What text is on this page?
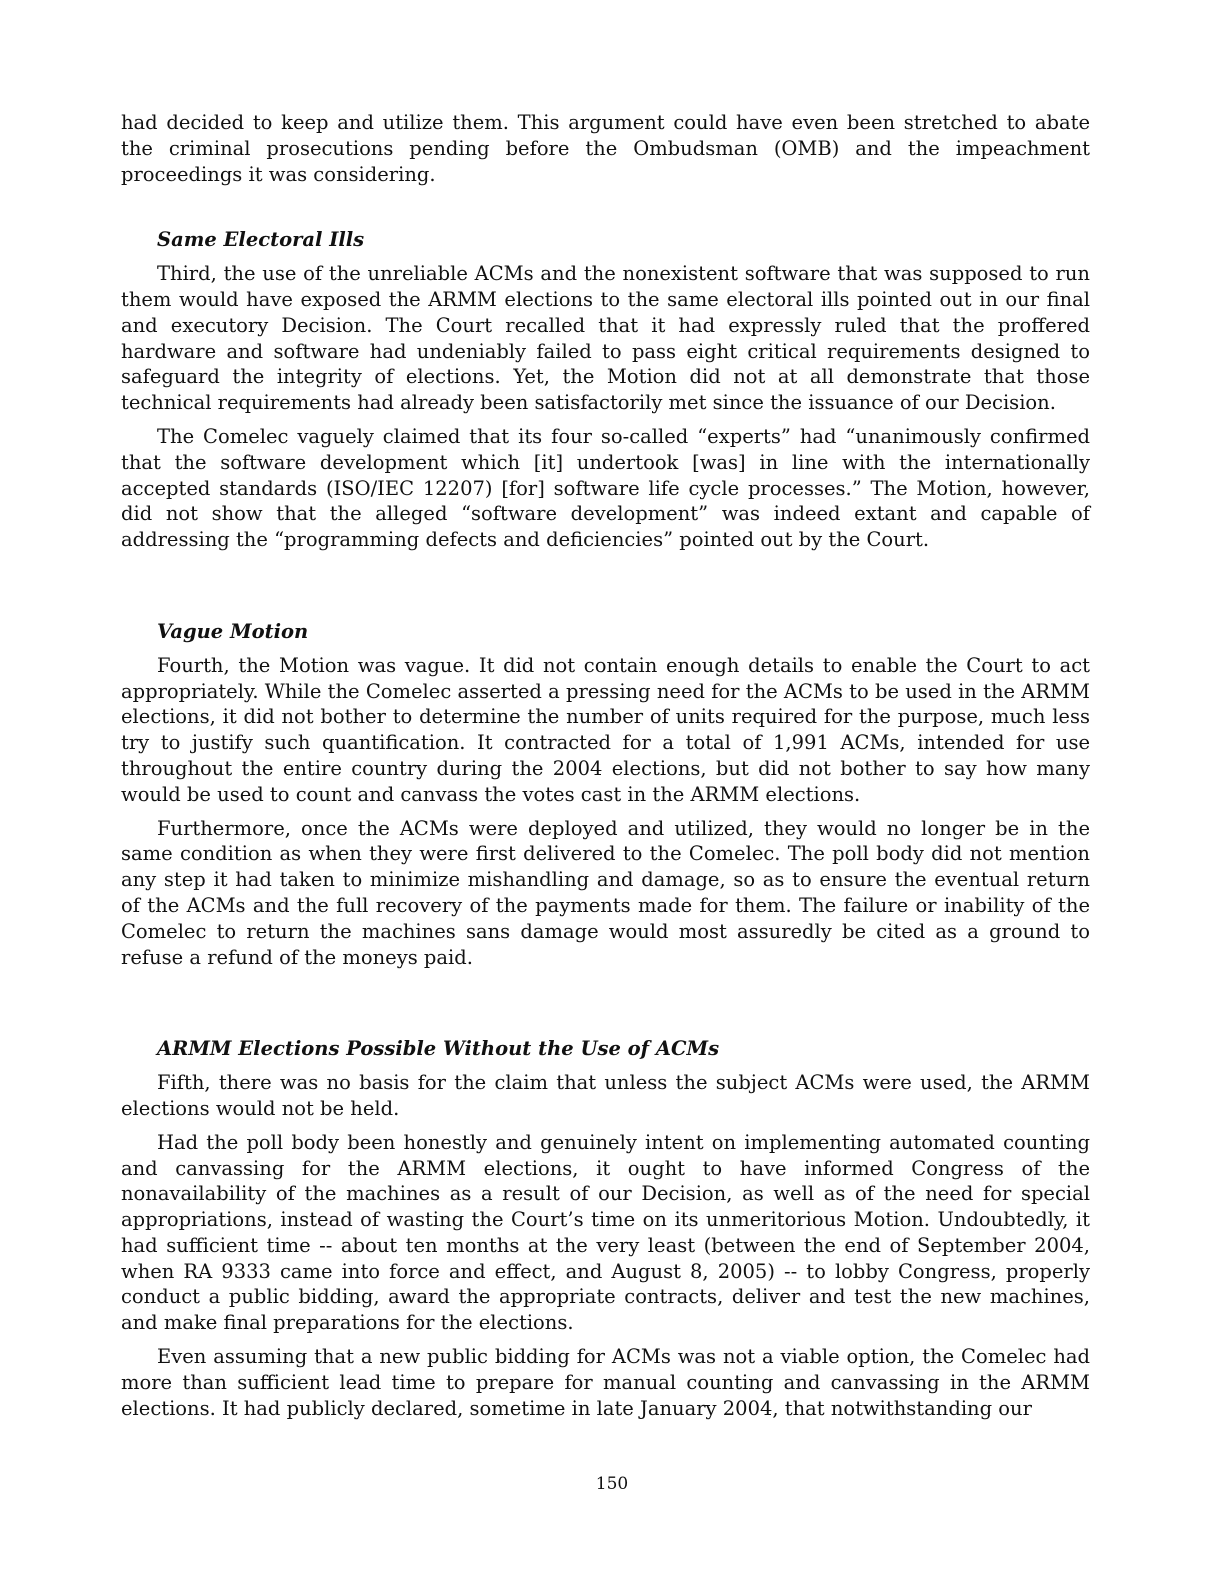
had decided to keep and utilize them. This argument could have even been stretched to abate the criminal prosecutions pending before the Ombudsman (OMB) and the impeachment proceedings it was considering.

Same Electoral Ills

Third, the use of the unreliable ACMs and the nonexistent software that was supposed to run them would have exposed the ARMM elections to the same electoral ills pointed out in our final and executory Decision. The Court recalled that it had expressly ruled that the proffered hardware and software had undeniably failed to pass eight critical requirements designed to safeguard the integrity of elections. Yet, the Motion did not at all demonstrate that those technical requirements had already been satisfactorily met since the issuance of our Decision.

The Comelec vaguely claimed that its four so-called “experts” had “unanimously confirmed that the software development which [it] undertook [was] in line with the internationally accepted standards (ISO/IEC 12207) [for] software life cycle processes.” The Motion, however, did not show that the alleged “software development” was indeed extant and capable of addressing the “programming defects and deficiencies” pointed out by the Court.

Vague Motion

Fourth, the Motion was vague. It did not contain enough details to enable the Court to act appropriately. While the Comelec asserted a pressing need for the ACMs to be used in the ARMM elections, it did not bother to determine the number of units required for the purpose, much less try to justify such quantification. It contracted for a total of 1,991 ACMs, intended for use throughout the entire country during the 2004 elections, but did not bother to say how many would be used to count and canvass the votes cast in the ARMM elections.

Furthermore, once the ACMs were deployed and utilized, they would no longer be in the same condition as when they were first delivered to the Comelec. The poll body did not mention any step it had taken to minimize mishandling and damage, so as to ensure the eventual return of the ACMs and the full recovery of the payments made for them. The failure or inability of the Comelec to return the machines sans damage would most assuredly be cited as a ground to refuse a refund of the moneys paid.

ARMM Elections Possible Without the Use of ACMs

Fifth, there was no basis for the claim that unless the subject ACMs were used, the ARMM elections would not be held.

Had the poll body been honestly and genuinely intent on implementing automated counting and canvassing for the ARMM elections, it ought to have informed Congress of the nonavailability of the machines as a result of our Decision, as well as of the need for special appropriations, instead of wasting the Court’s time on its unmeritorious Motion. Undoubtedly, it had sufficient time -- about ten months at the very least (between the end of September 2004, when RA 9333 came into force and effect, and August 8, 2005) -- to lobby Congress, properly conduct a public bidding, award the appropriate contracts, deliver and test the new machines, and make final preparations for the elections.

Even assuming that a new public bidding for ACMs was not a viable option, the Comelec had more than sufficient lead time to prepare for manual counting and canvassing in the ARMM elections. It had publicly declared, sometime in late January 2004, that notwithstanding our

150
